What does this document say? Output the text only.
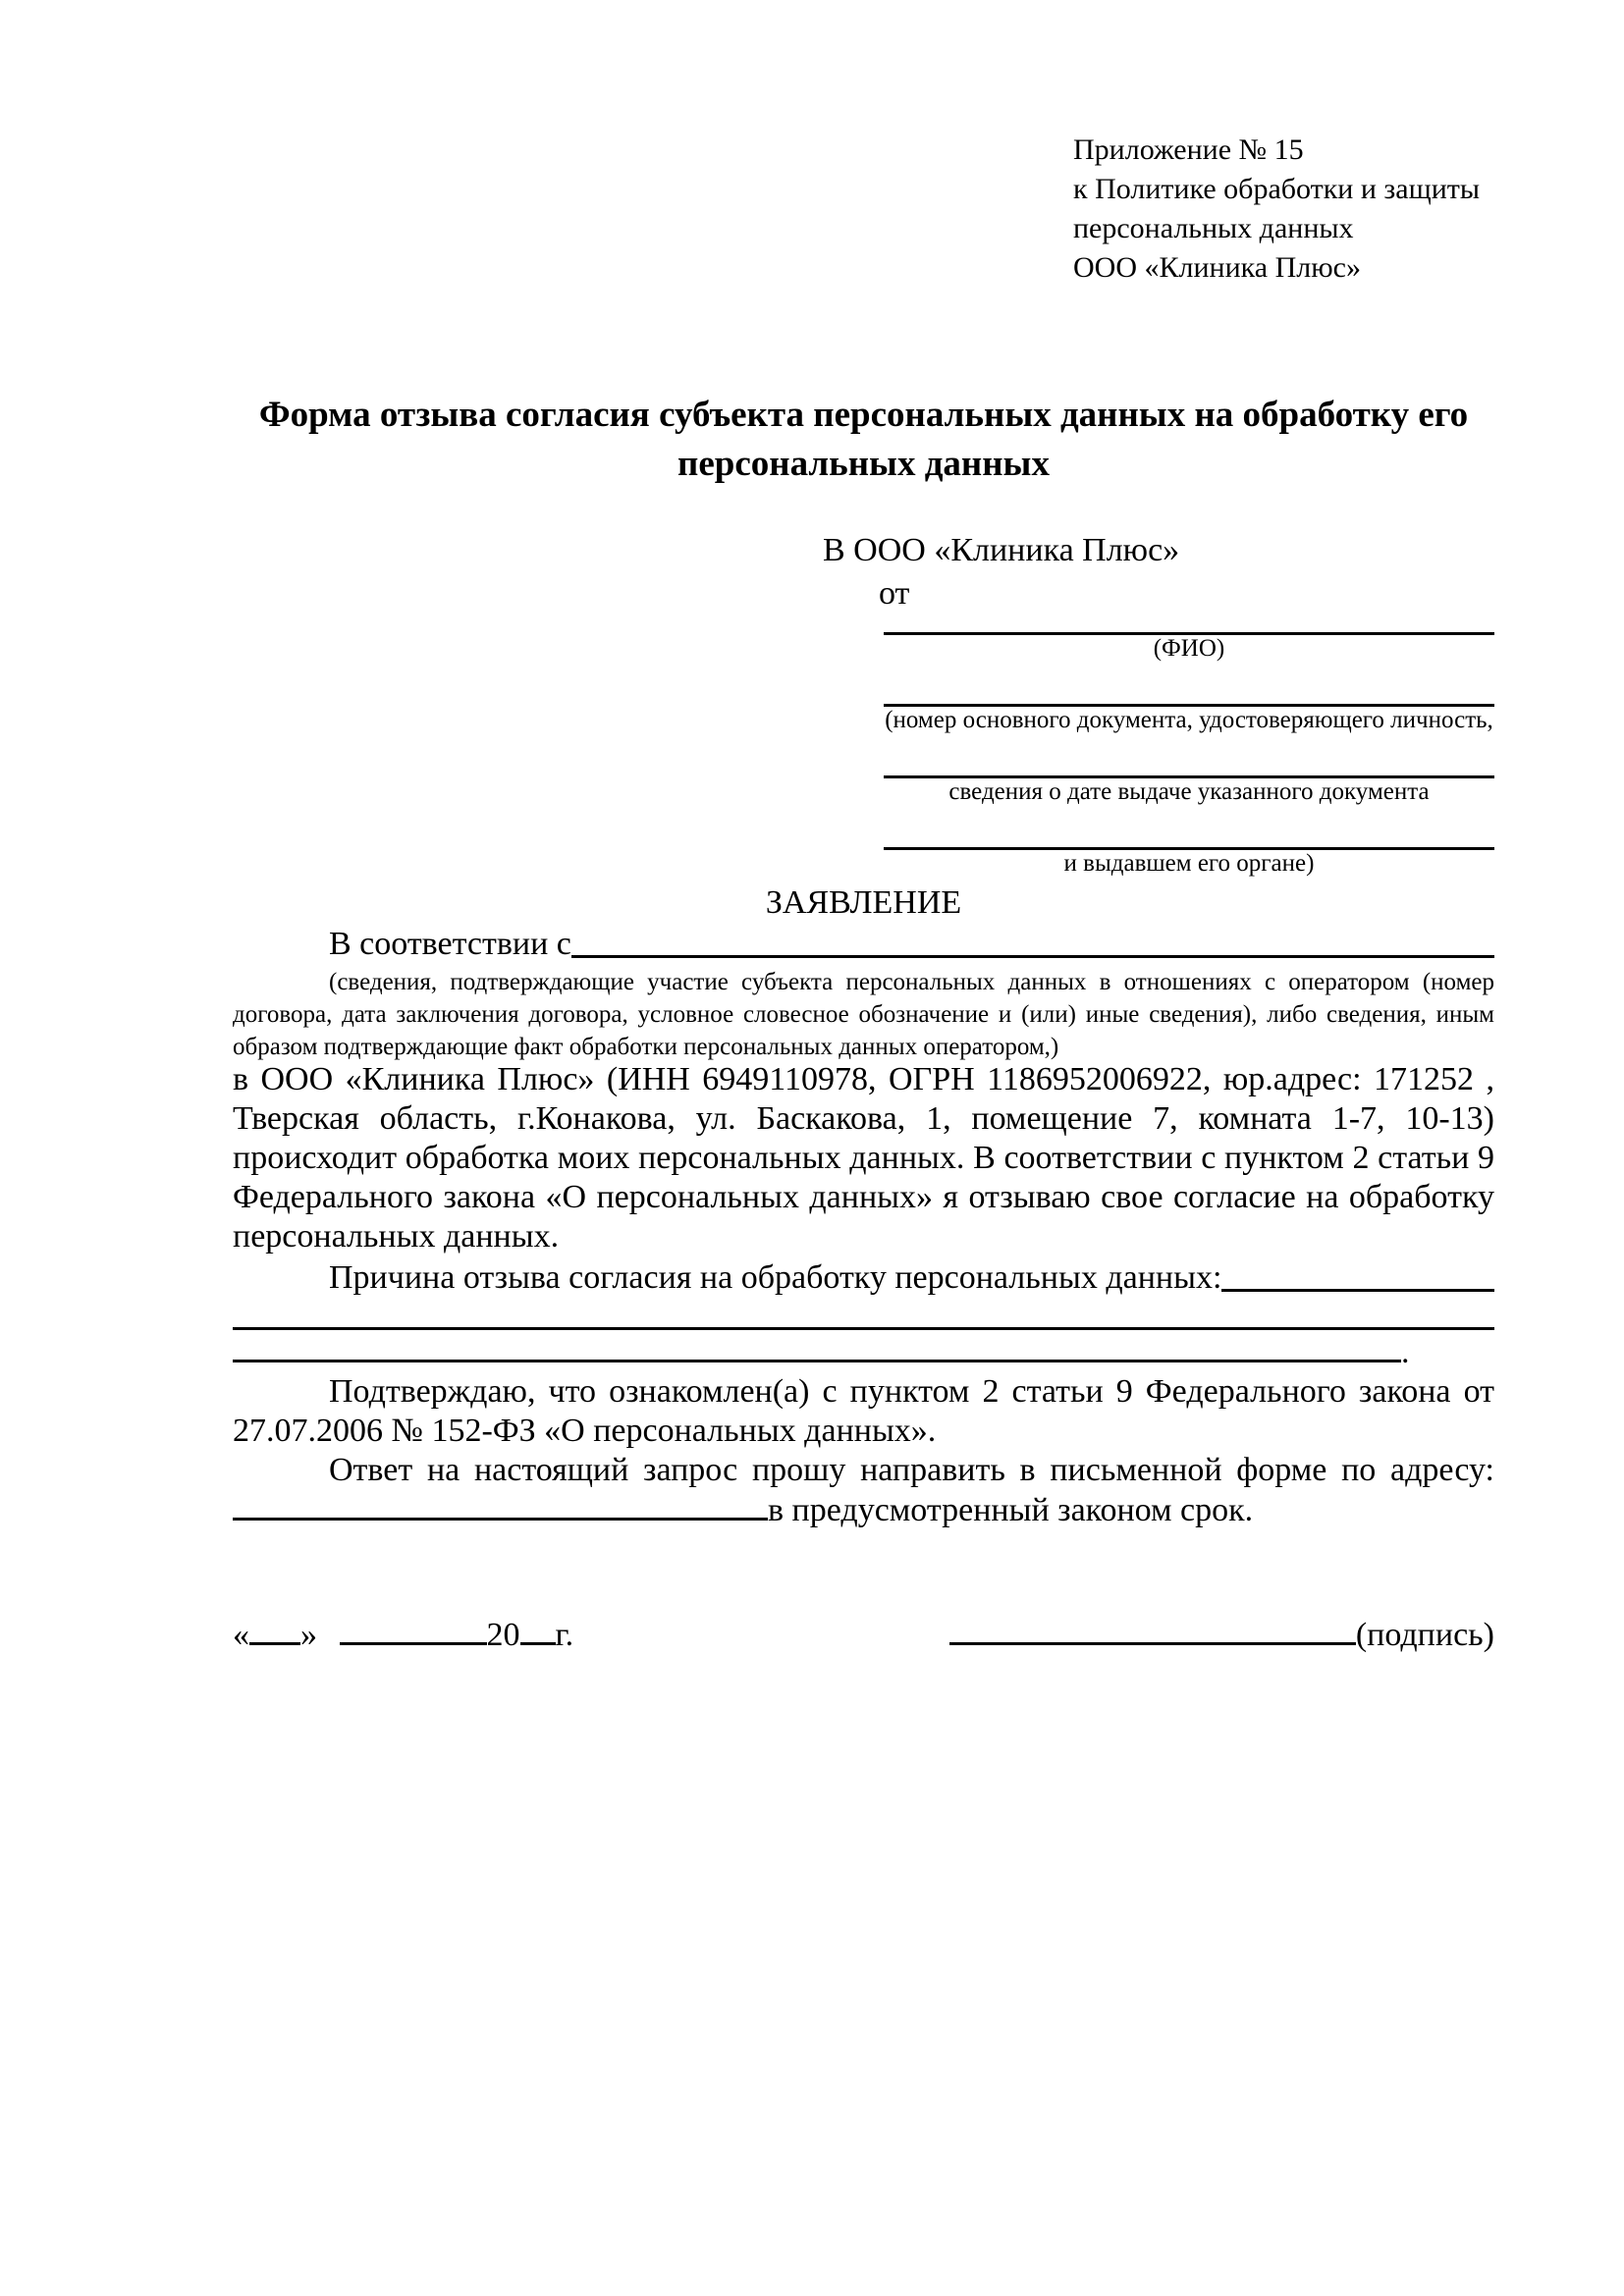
Приложение № 15
к Политике обработки и защиты
персональных данных
ООО «Клиника Плюс»
Форма отзыва согласия субъекта персональных данных на обработку его персональных данных
В ООО «Клиника Плюс»
от
(ФИО)
(номер основного документа, удостоверяющего личность,
сведения о дате выдаче указанного документа
и выдавшем его органе)
ЗАЯВЛЕНИЕ
В соответствии с
(сведения, подтверждающие участие субъекта персональных данных в отношениях с оператором (номер договора, дата заключения договора, условное словесное обозначение и (или) иные сведения), либо сведения, иным образом подтверждающие факт обработки персональных данных оператором,)
в ООО «Клиника Плюс» (ИНН 6949110978, ОГРН 1186952006922, юр.адрес: 171252 , Тверская область, г.Конакова, ул. Баскакова, 1, помещение 7, комната 1-7, 10-13) происходит обработка моих персональных данных. В соответствии с пунктом 2 статьи 9 Федерального закона «О персональных данных» я отзываю свое согласие на обработку персональных данных.
Причина отзыва согласия на обработку персональных данных:
.
Подтверждаю, что ознакомлен(а) с пунктом 2 статьи 9 Федерального закона от 27.07.2006 № 152-ФЗ «О персональных данных».
Ответ на настоящий запрос прошу направить в письменной форме по адресу:
в предусмотренный законом срок.
« »	20 г.	(подпись)
